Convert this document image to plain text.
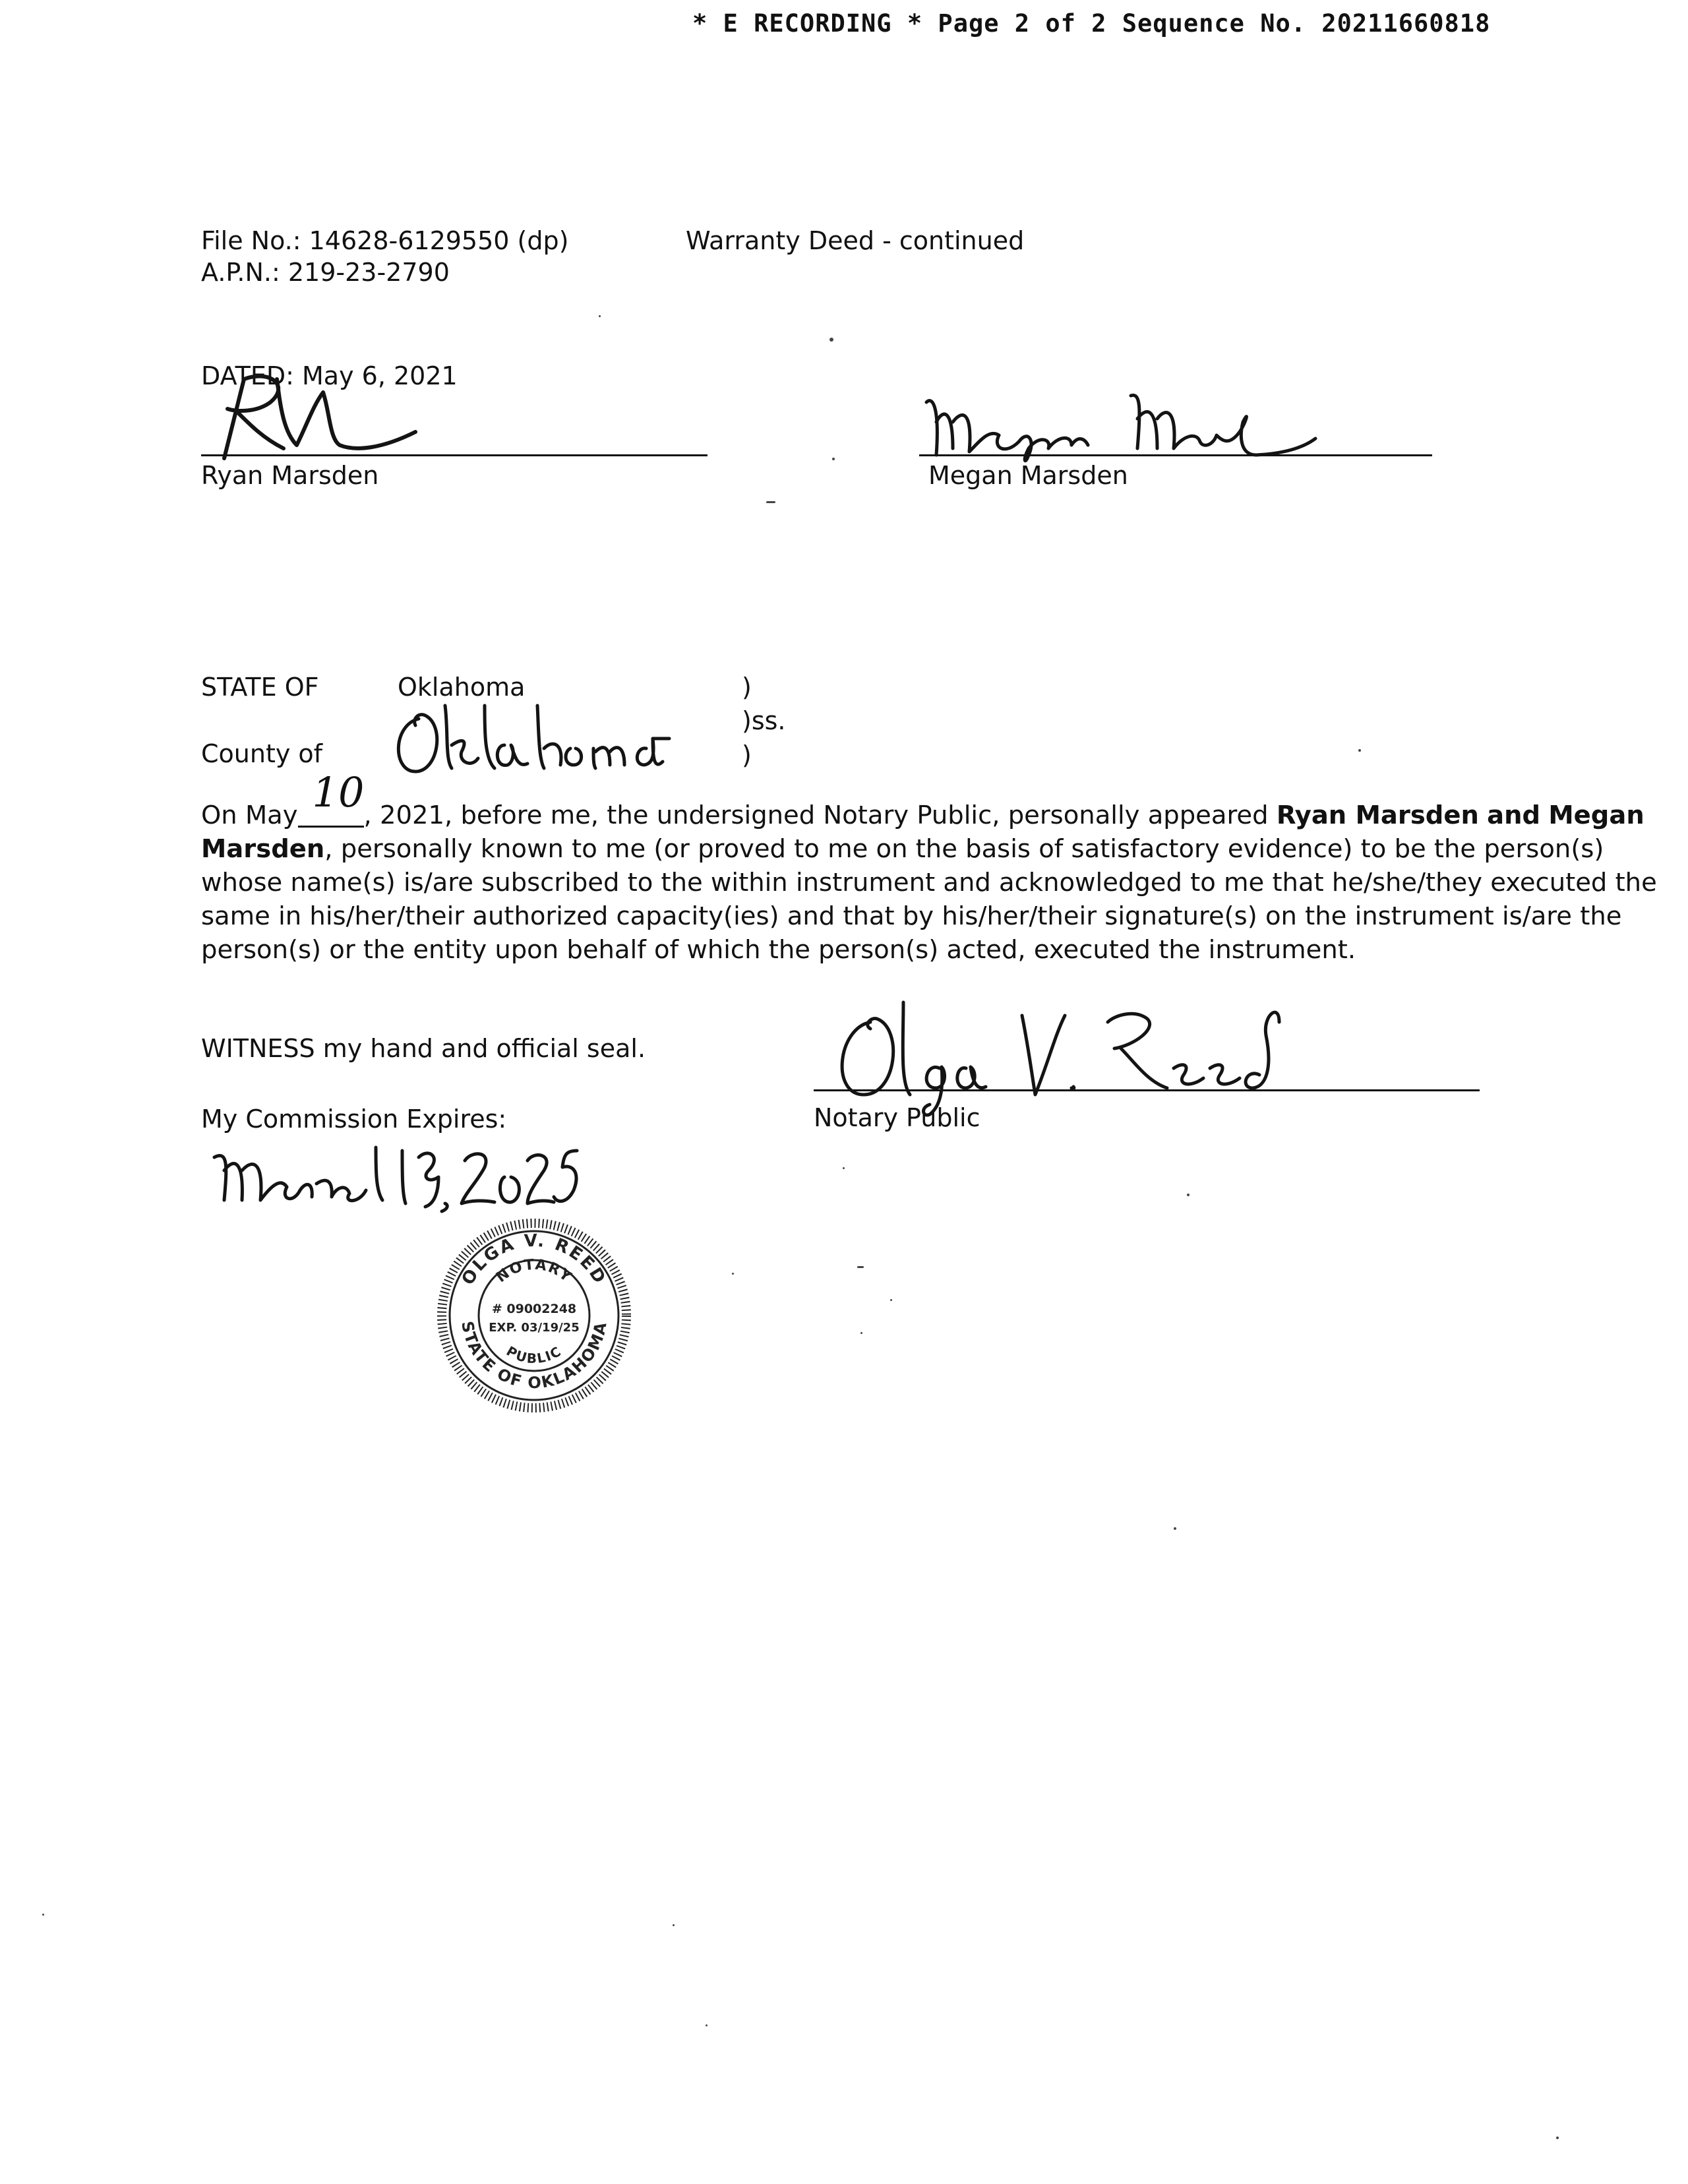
* E RECORDING * Page 2 of 2 Sequence No. 20211660818
File No.: 14628-6129550 (dp)
A.P.N.: 219-23-2790
Warranty Deed - continued
DATED: May 6, 2021
Ryan Marsden	Megan Marsden
STATE OF	Oklahoma
County of
)
)ss.
)
On May 10 , 2021, before me, the undersigned Notary Public, personally appeared Ryan Marsden and Megan Marsden, personally known to me (or proved to me on the basis of satisfactory evidence) to be the person(s) whose name(s) is/are subscribed to the within instrument and acknowledged to me that he/she/they executed the same in his/her/their authorized capacity(ies) and that by his/her/their signature(s) on the instrument is/are the person(s) or the entity upon behalf of which the person(s) acted, executed the instrument.
WITNESS my hand and official seal.
Notary Public
My Commission Expires:
OLGA V. REED
STATE OF OKLAHOMA
NOTARY
PUBLIC
# 09002248
EXP. 03/19/25
